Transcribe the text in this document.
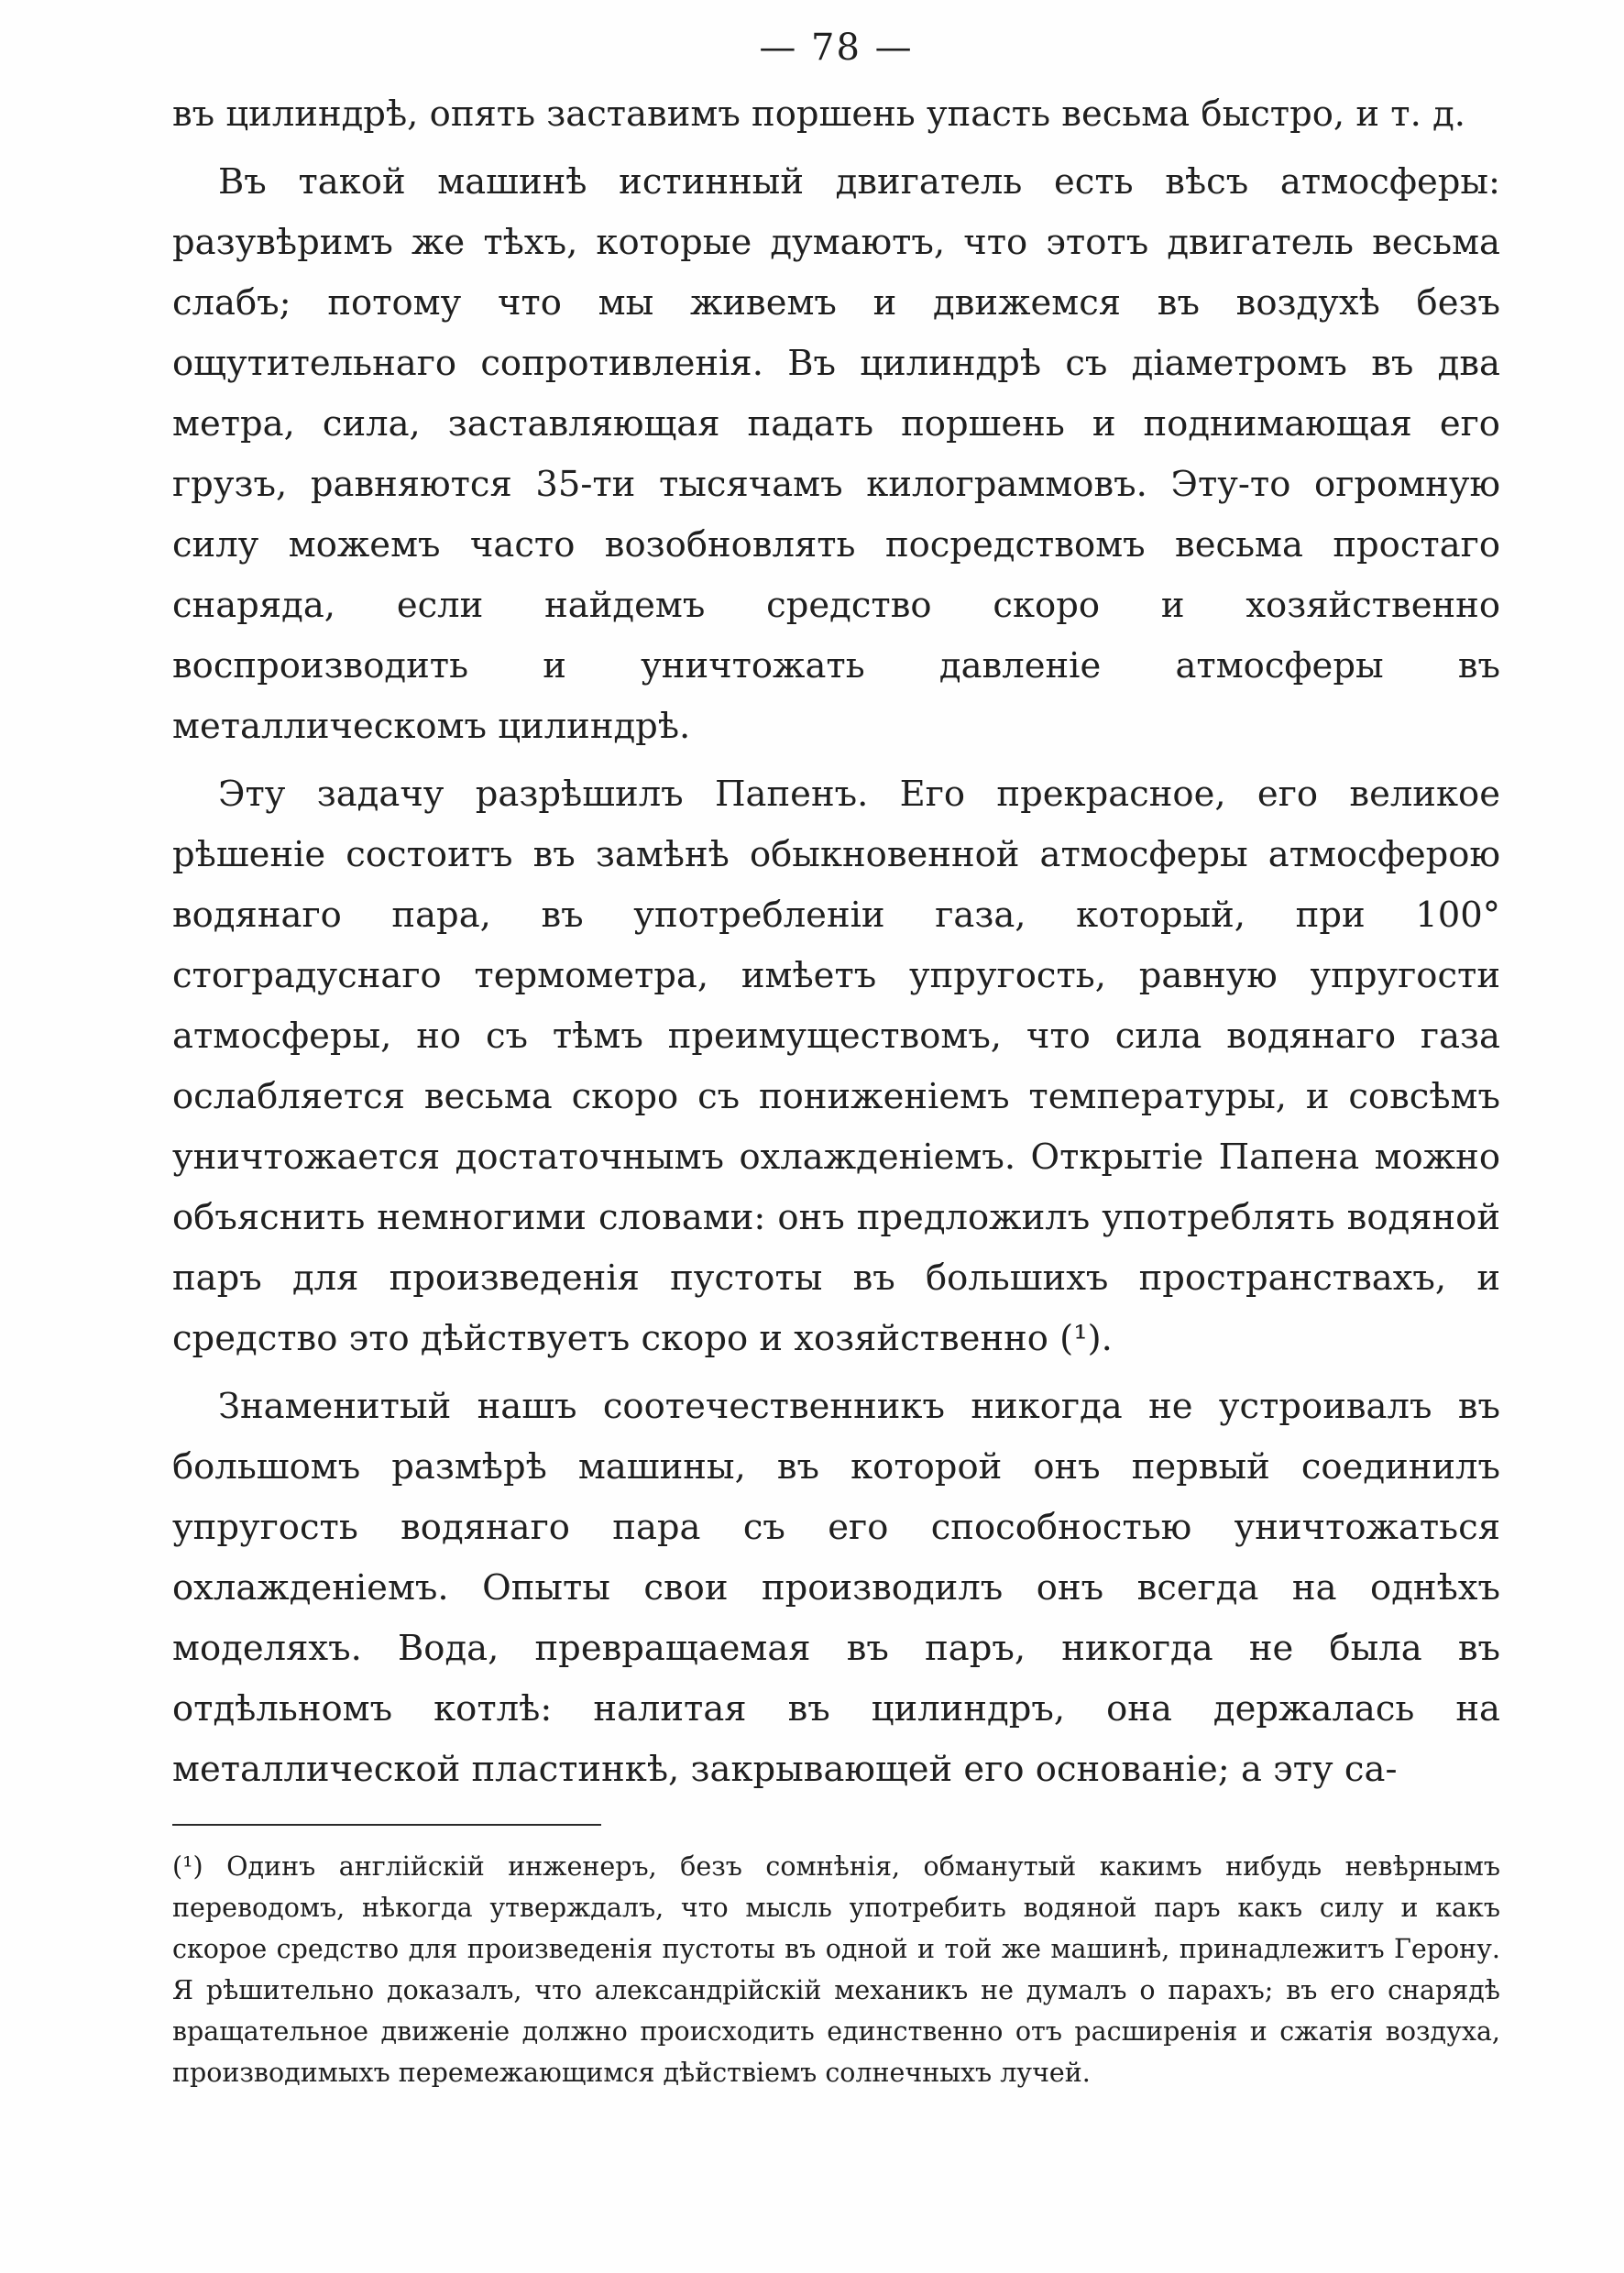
— 78 —

въ цилиндрѣ, опять заставимъ поршень упасть весьма быстро, и т. д.

Въ такой машинѣ истинный двигатель есть вѣсъ атмосферы: разувѣримъ же тѣхъ, которые думаютъ, что этотъ двигатель весьма слабъ; потому что мы живемъ и движемся въ воздухѣ безъ ощутительнаго сопротивленія. Въ цилиндрѣ съ діаметромъ въ два метра, сила, заставляющая падать поршень и поднимающая его грузъ, равняются 35-ти тысячамъ килограммовъ. Эту-то огромную силу можемъ часто возобновлять посредствомъ весьма простаго снаряда, если найдемъ средство скоро и хозяйственно воспроизводить и уничтожать давленіе атмосферы въ металлическомъ цилиндрѣ.

Эту задачу разрѣшилъ Папенъ. Его прекрасное, его великое рѣшеніе состоитъ въ замѣнѣ обыкновенной атмосферы атмосферою водянаго пара, въ употребленіи газа, который, при 100° стоградуснаго термометра, имѣетъ упругость, равную упругости атмосферы, но съ тѣмъ преимуществомъ, что сила водянаго газа ослабляется весьма скоро съ пониженіемъ температуры, и совсѣмъ уничтожается достаточнымъ охлажденіемъ. Открытіе Папена можно объяснить немногими словами: онъ предложилъ употреблять водяной паръ для произведенія пустоты въ большихъ пространствахъ, и средство это дѣйствуетъ скоро и хозяйственно (¹).

Знаменитый нашъ соотечественникъ никогда не устроивалъ въ большомъ размѣрѣ машины, въ которой онъ первый соединилъ упругость водянаго пара съ его способностью уничтожаться охлажденіемъ. Опыты свои производилъ онъ всегда на однѣхъ моделяхъ. Вода, превращаемая въ паръ, никогда не была въ отдѣльномъ котлѣ: налитая въ цилиндръ, она держалась на металлической пластинкѣ, закрывающей его основаніе; а эту са-

(¹) Одинъ англійскій инженеръ, безъ сомнѣнія, обманутый какимъ нибудь невѣрнымъ переводомъ, нѣкогда утверждалъ, что мысль употребить водяной паръ какъ силу и какъ скорое средство для произведенія пустоты въ одной и той же машинѣ, принадлежитъ Герону. Я рѣшительно доказалъ, что александрійскій механикъ не думалъ о парахъ; въ его снарядѣ вращательное движеніе должно происходить единственно отъ расширенія и сжатія воздуха, производимыхъ перемежающимся дѣйствіемъ солнечныхъ лучей.
